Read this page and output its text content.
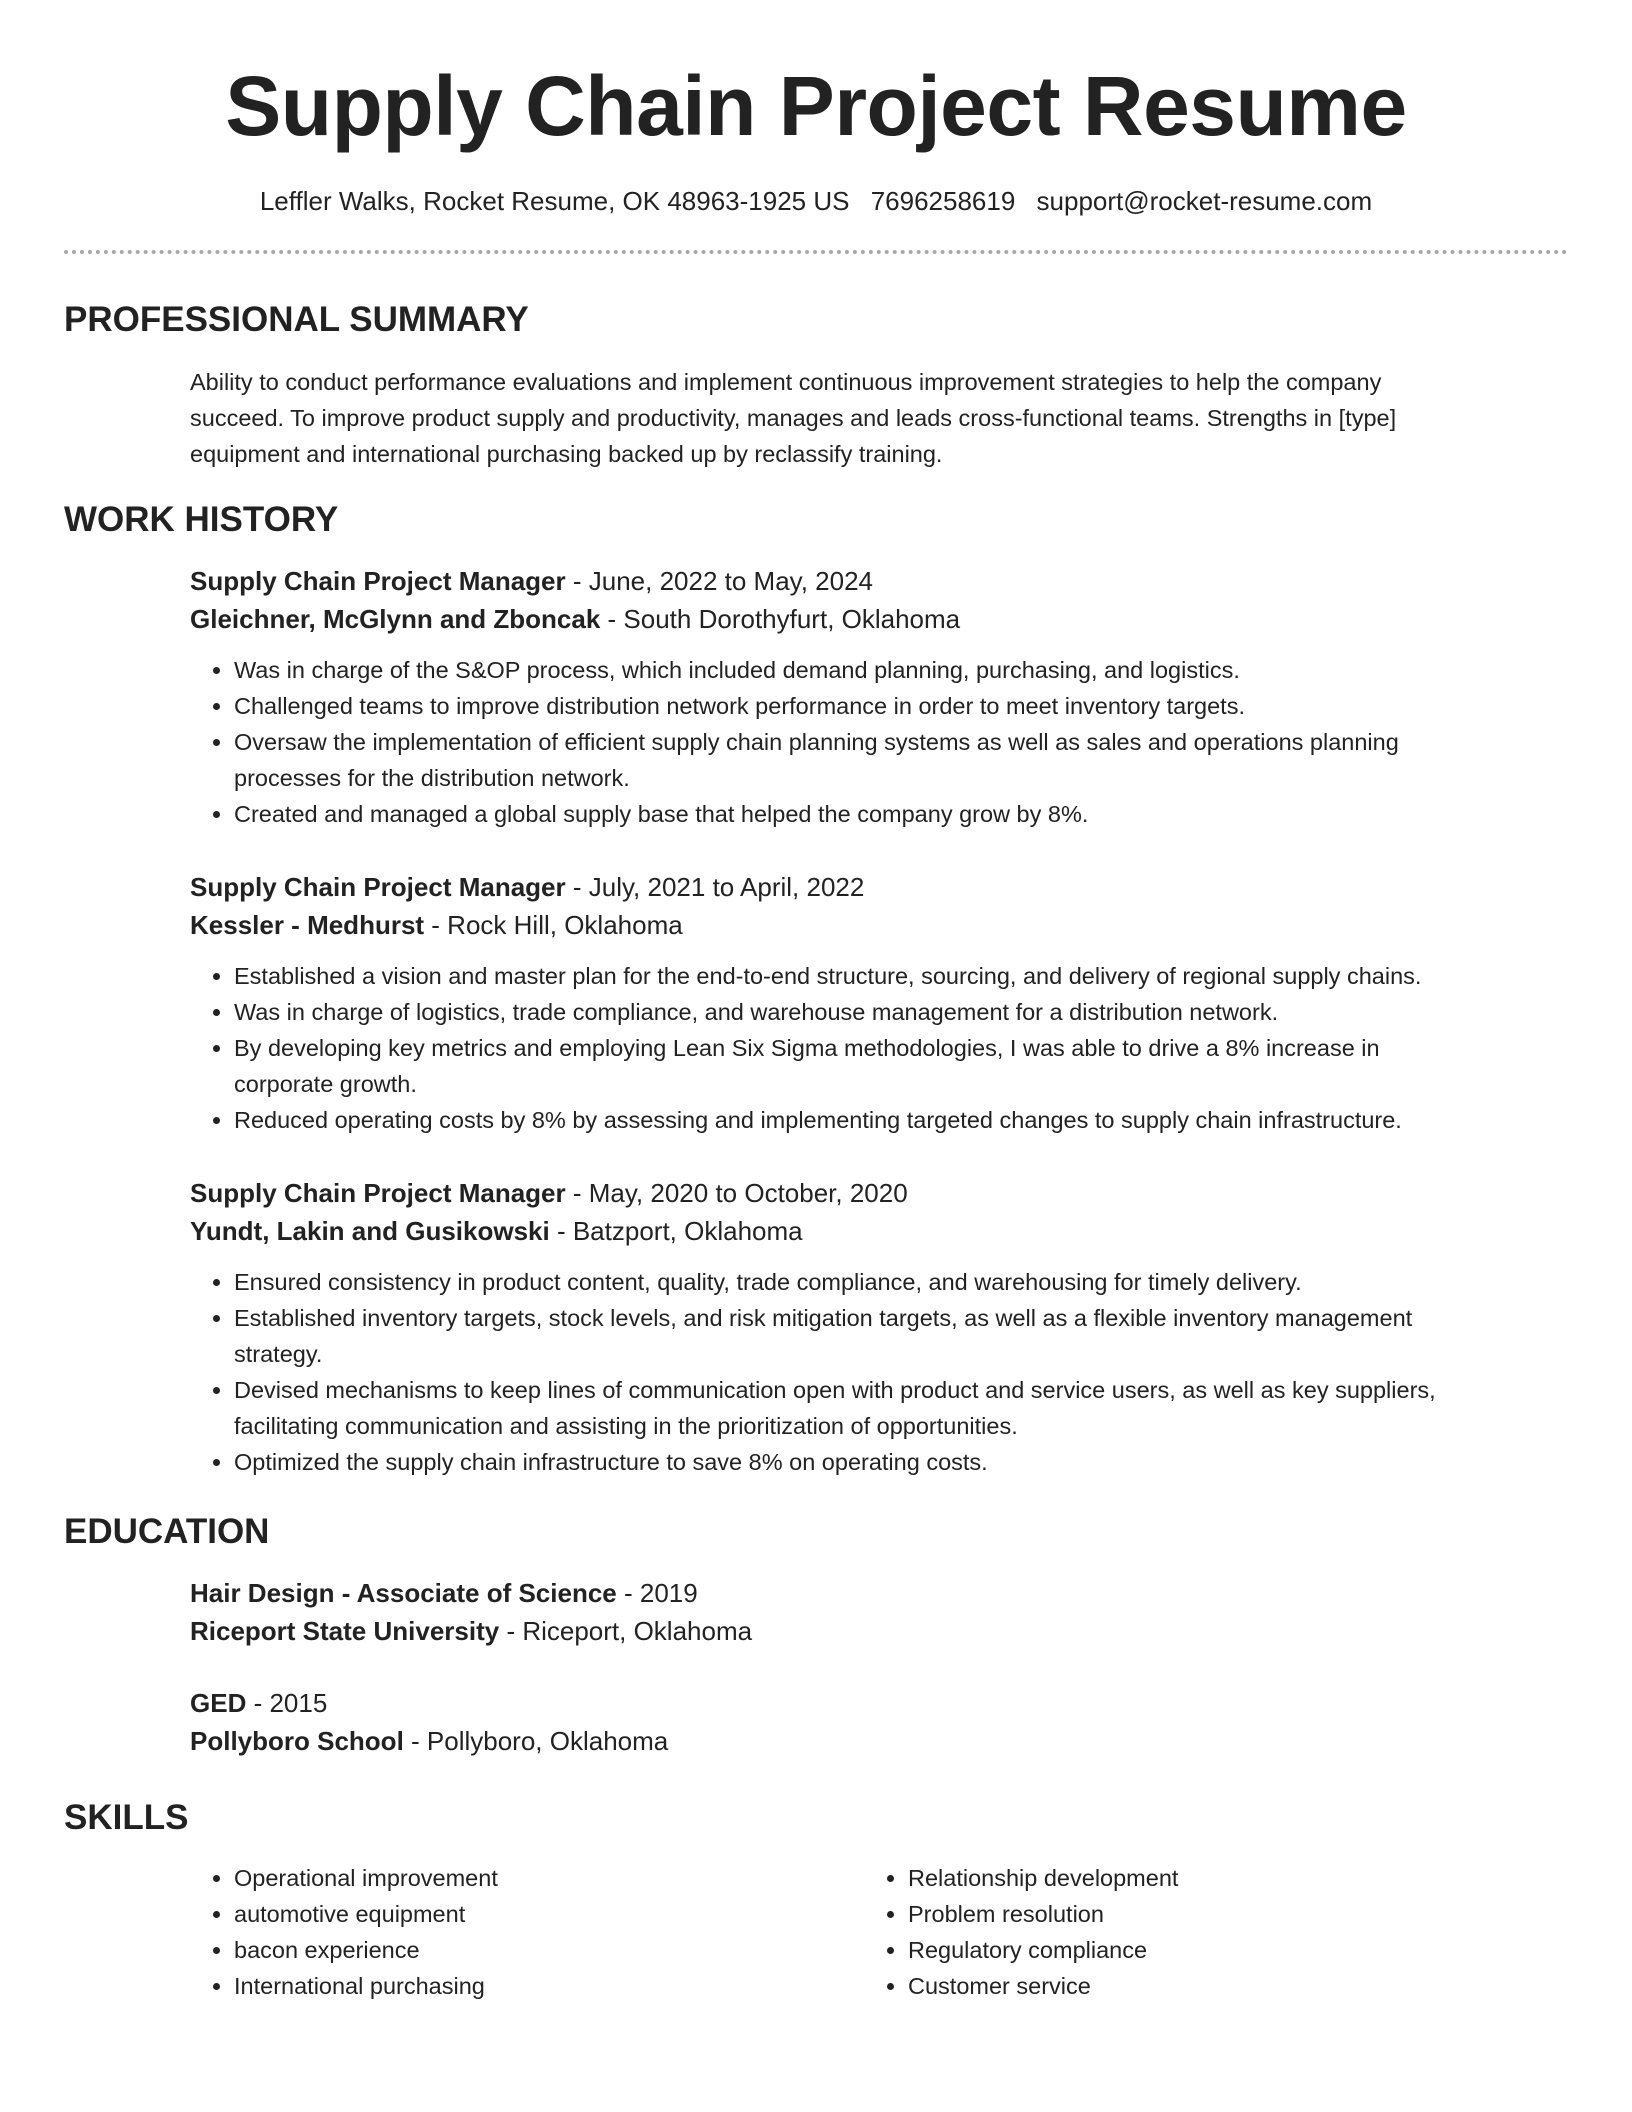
Supply Chain Project Resume
Leffler Walks, Rocket Resume, OK 48963-1925 US 7696258619 support@rocket-resume.com
PROFESSIONAL SUMMARY
Ability to conduct performance evaluations and implement continuous improvement strategies to help the company succeed. To improve product supply and productivity, manages and leads cross-functional teams. Strengths in [type] equipment and international purchasing backed up by reclassify training.
WORK HISTORY
Supply Chain Project Manager - June, 2022 to May, 2024
Gleichner, McGlynn and Zboncak - South Dorothyfurt, Oklahoma
• Was in charge of the S&OP process, which included demand planning, purchasing, and logistics.
• Challenged teams to improve distribution network performance in order to meet inventory targets.
• Oversaw the implementation of efficient supply chain planning systems as well as sales and operations planning processes for the distribution network.
• Created and managed a global supply base that helped the company grow by 8%.
Supply Chain Project Manager - July, 2021 to April, 2022
Kessler - Medhurst - Rock Hill, Oklahoma
• Established a vision and master plan for the end-to-end structure, sourcing, and delivery of regional supply chains.
• Was in charge of logistics, trade compliance, and warehouse management for a distribution network.
• By developing key metrics and employing Lean Six Sigma methodologies, I was able to drive a 8% increase in corporate growth.
• Reduced operating costs by 8% by assessing and implementing targeted changes to supply chain infrastructure.
Supply Chain Project Manager - May, 2020 to October, 2020
Yundt, Lakin and Gusikowski - Batzport, Oklahoma
• Ensured consistency in product content, quality, trade compliance, and warehousing for timely delivery.
• Established inventory targets, stock levels, and risk mitigation targets, as well as a flexible inventory management strategy.
• Devised mechanisms to keep lines of communication open with product and service users, as well as key suppliers, facilitating communication and assisting in the prioritization of opportunities.
• Optimized the supply chain infrastructure to save 8% on operating costs.
EDUCATION
Hair Design - Associate of Science - 2019
Riceport State University - Riceport, Oklahoma
GED - 2015
Pollyboro School - Pollyboro, Oklahoma
SKILLS
• Operational improvement
• automotive equipment
• bacon experience
• International purchasing
• Relationship development
• Problem resolution
• Regulatory compliance
• Customer service
